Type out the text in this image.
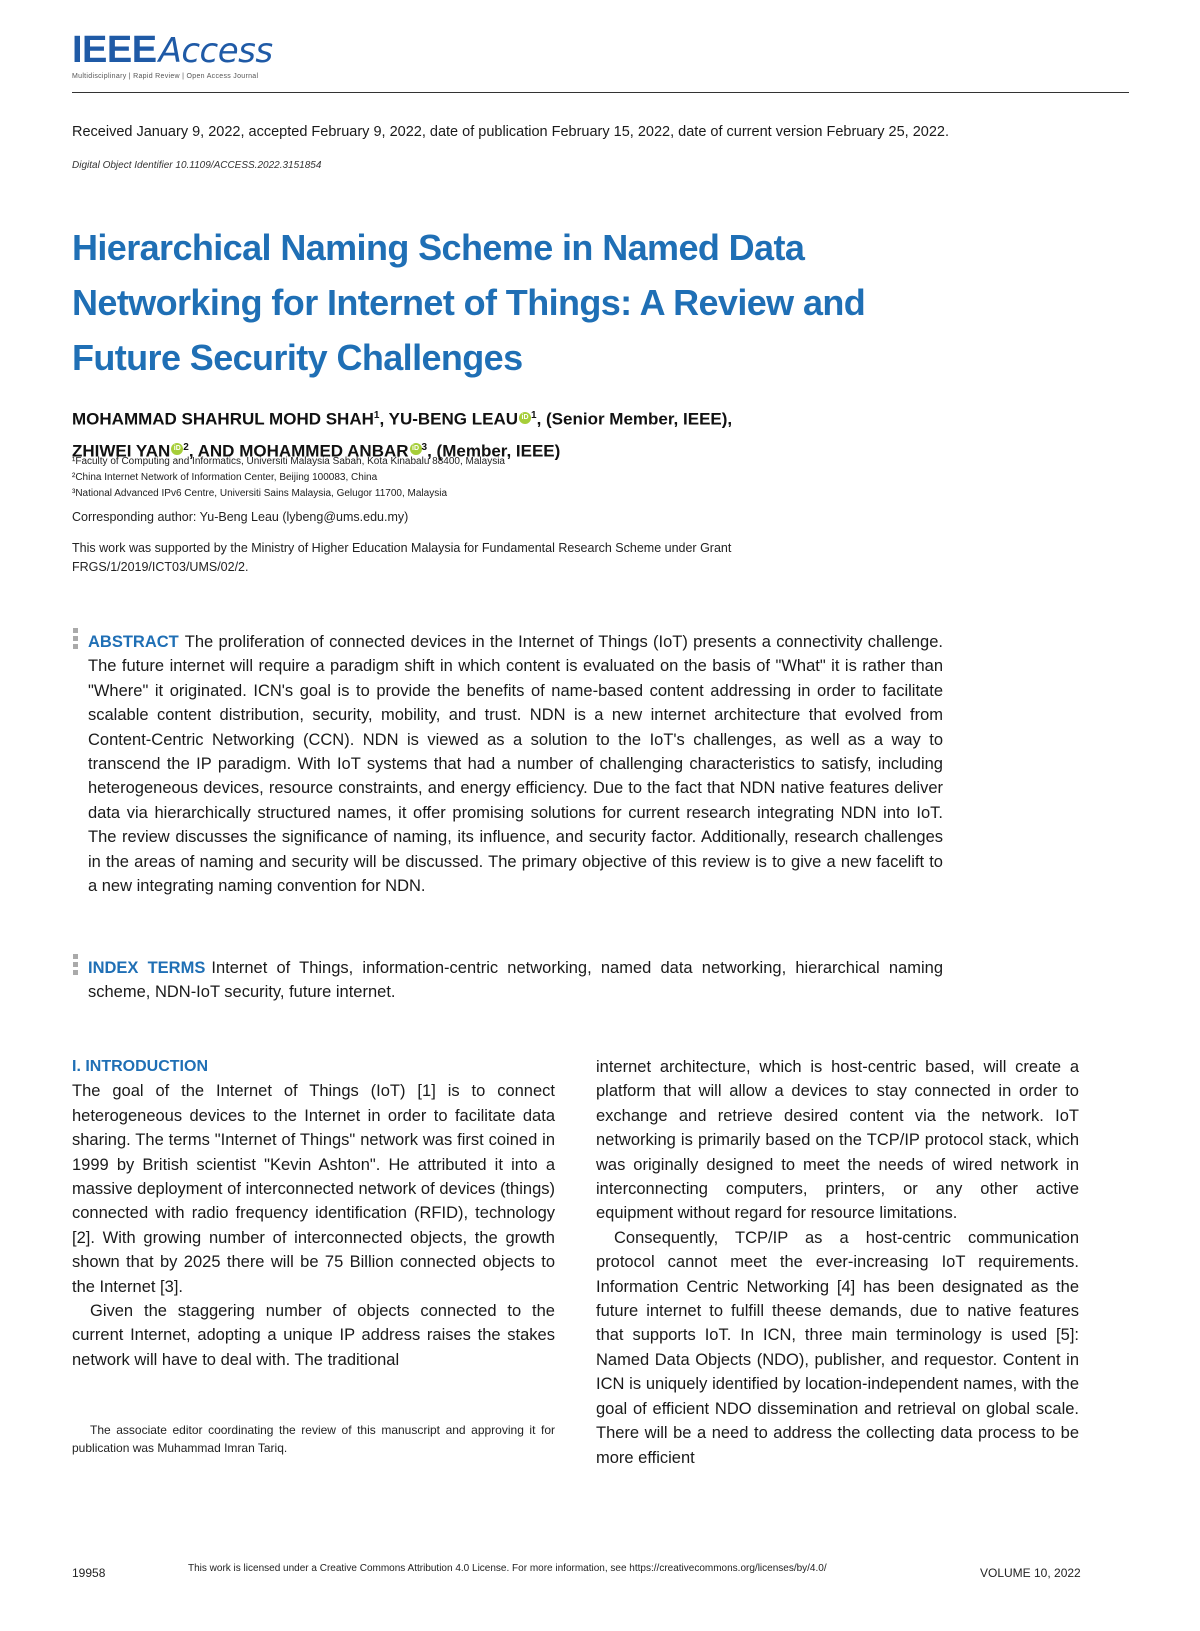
IEEEAccess
Multidisciplinary | Rapid Review | Open Access Journal
Received January 9, 2022, accepted February 9, 2022, date of publication February 15, 2022, date of current version February 25, 2022.
Digital Object Identifier 10.1109/ACCESS.2022.3151854
Hierarchical Naming Scheme in Named Data Networking for Internet of Things: A Review and Future Security Challenges
MOHAMMAD SHAHRUL MOHD SHAH$^1$, YU-BENG LEAU iD $^1$, (Senior Member, IEEE),
ZHIWEI YAN iD $^2$, AND MOHAMMED ANBAR iD $^3$, (Member, IEEE)
¹Faculty of Computing and Informatics, Universiti Malaysia Sabah, Kota Kinabalu 88400, Malaysia
²China Internet Network of Information Center, Beijing 100083, China
³National Advanced IPv6 Centre, Universiti Sains Malaysia, Gelugor 11700, Malaysia
Corresponding author: Yu-Beng Leau (lybeng@ums.edu.my)
This work was supported by the Ministry of Higher Education Malaysia for Fundamental Research Scheme under Grant FRGS/1/2019/ICT03/UMS/02/2.
ABSTRACT The proliferation of connected devices in the Internet of Things (IoT) presents a connectivity challenge. The future internet will require a paradigm shift in which content is evaluated on the basis of "What" it is rather than "Where" it originated. ICN's goal is to provide the benefits of name-based content addressing in order to facilitate scalable content distribution, security, mobility, and trust. NDN is a new internet architecture that evolved from Content-Centric Networking (CCN). NDN is viewed as a solution to the IoT's challenges, as well as a way to transcend the IP paradigm. With IoT systems that had a number of challenging characteristics to satisfy, including heterogeneous devices, resource constraints, and energy efficiency. Due to the fact that NDN native features deliver data via hierarchically structured names, it offer promising solutions for current research integrating NDN into IoT. The review discusses the significance of naming, its influence, and security factor. Additionally, research challenges in the areas of naming and security will be discussed. The primary objective of this review is to give a new facelift to a new integrating naming convention for NDN.
INDEX TERMS Internet of Things, information-centric networking, named data networking, hierarchical naming scheme, NDN-IoT security, future internet.

I. INTRODUCTION

The goal of the Internet of Things (IoT) [1] is to connect heterogeneous devices to the Internet in order to facilitate data sharing. The terms "Internet of Things" network was first coined in 1999 by British scientist "Kevin Ashton". He attributed it into a massive deployment of interconnected network of devices (things) connected with radio frequency identification (RFID), technology [2]. With growing number of interconnected objects, the growth shown that by 2025 there will be 75 Billion connected objects to the Internet [3].

Given the staggering number of objects connected to the current Internet, adopting a unique IP address raises the stakes network will have to deal with. The traditional

internet architecture, which is host-centric based, will create a platform that will allow a devices to stay connected in order to exchange and retrieve desired content via the network. IoT networking is primarily based on the TCP/IP protocol stack, which was originally designed to meet the needs of wired network in interconnecting computers, printers, or any other active equipment without regard for resource limitations.

Consequently, TCP/IP as a host-centric communication protocol cannot meet the ever-increasing IoT requirements. Information Centric Networking [4] has been designated as the future internet to fulfill theese demands, due to native features that supports IoT. In ICN, three main terminology is used [5]: Named Data Objects (NDO), publisher, and requestor. Content in ICN is uniquely identified by location-independent names, with the goal of efficient NDO dissemination and retrieval on global scale. There will be a need to address the collecting data process to be more efficient

The associate editor coordinating the review of this manuscript and approving it for publication was Muhammad Imran Tariq.
19958	This work is licensed under a Creative Commons Attribution 4.0 License. For more information, see https://creativecommons.org/licenses/by/4.0/	VOLUME 10, 2022
